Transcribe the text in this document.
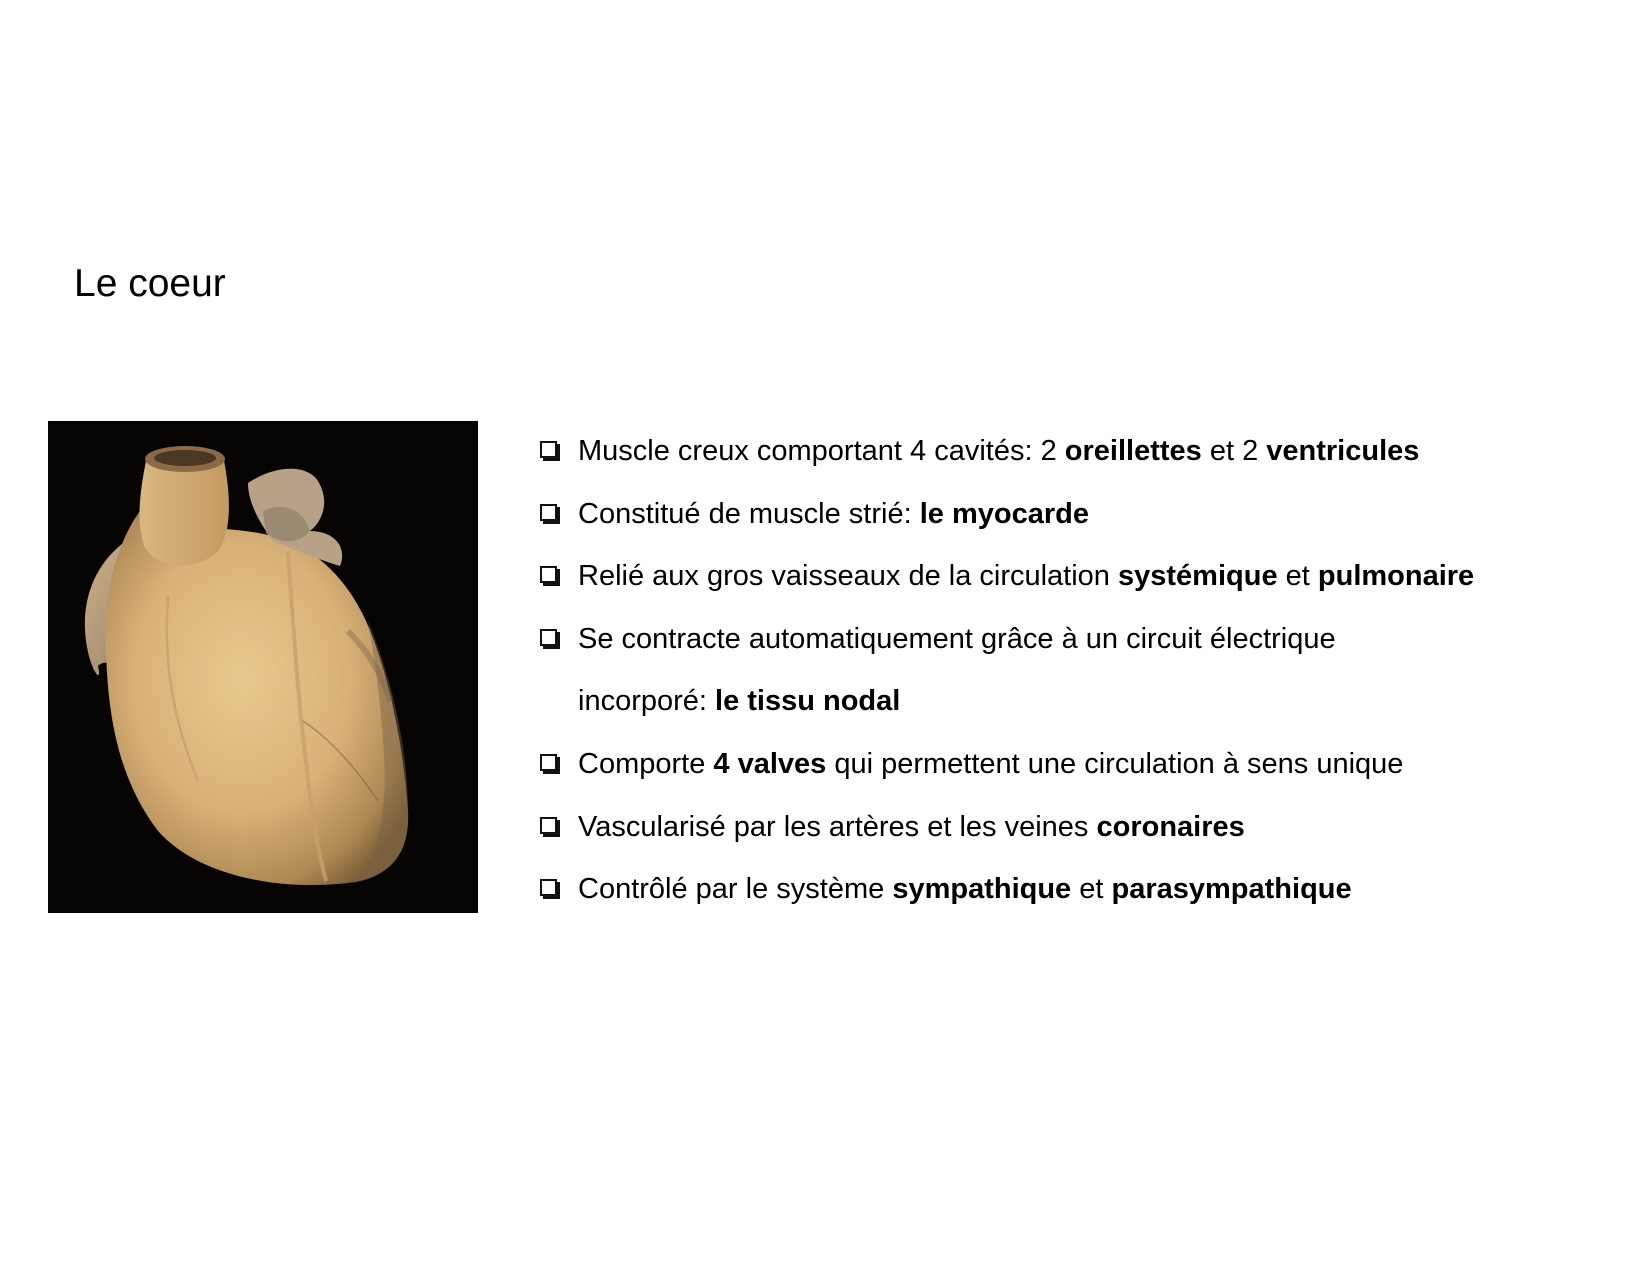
Le coeur
Muscle creux comportant 4 cavités: 2 oreillettes et 2 ventricules
Constitué de muscle strié: le myocarde
Relié aux gros vaisseaux de la circulation systémique et pulmonaire
Se contracte automatiquement grâce à un circuit électrique
incorporé: le tissu nodal
Comporte 4 valves qui permettent une circulation à sens unique
Vascularisé par les artères et les veines coronaires
Contrôlé par le système sympathique et parasympathique
